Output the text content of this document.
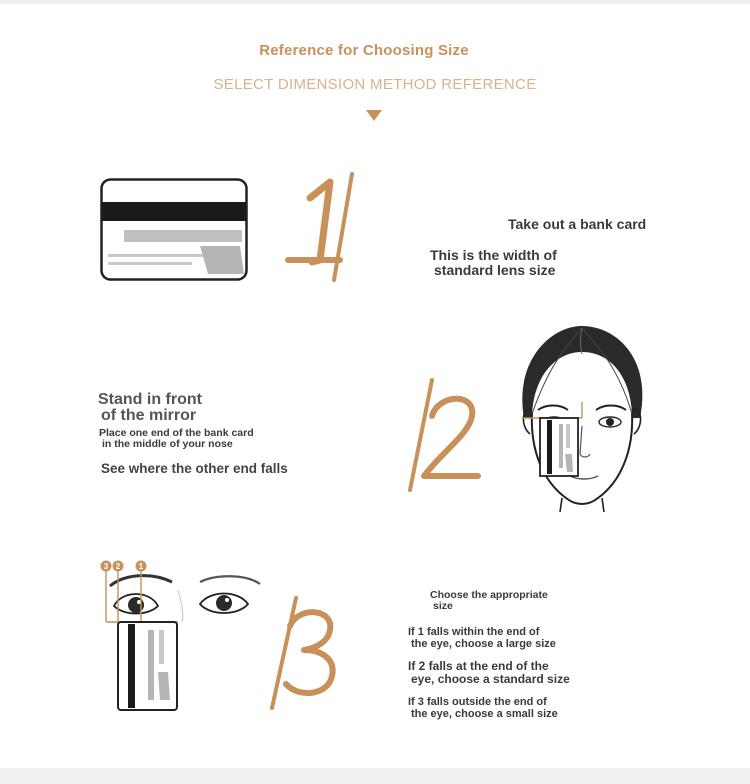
Reference for Choosing Size
SELECT DIMENSION METHOD REFERENCE
Take out a bank card
This is the width of
standard lens size
Stand in front
of the mirror
Place one end of the bank card
in the middle of your nose
See where the other end falls
3 2 1
Choose the appropriate
size
If 1 falls within the end of
the eye, choose a large size
If 2 falls at the end of the
eye, choose a standard size
If 3 falls outside the end of
the eye, choose a small size
